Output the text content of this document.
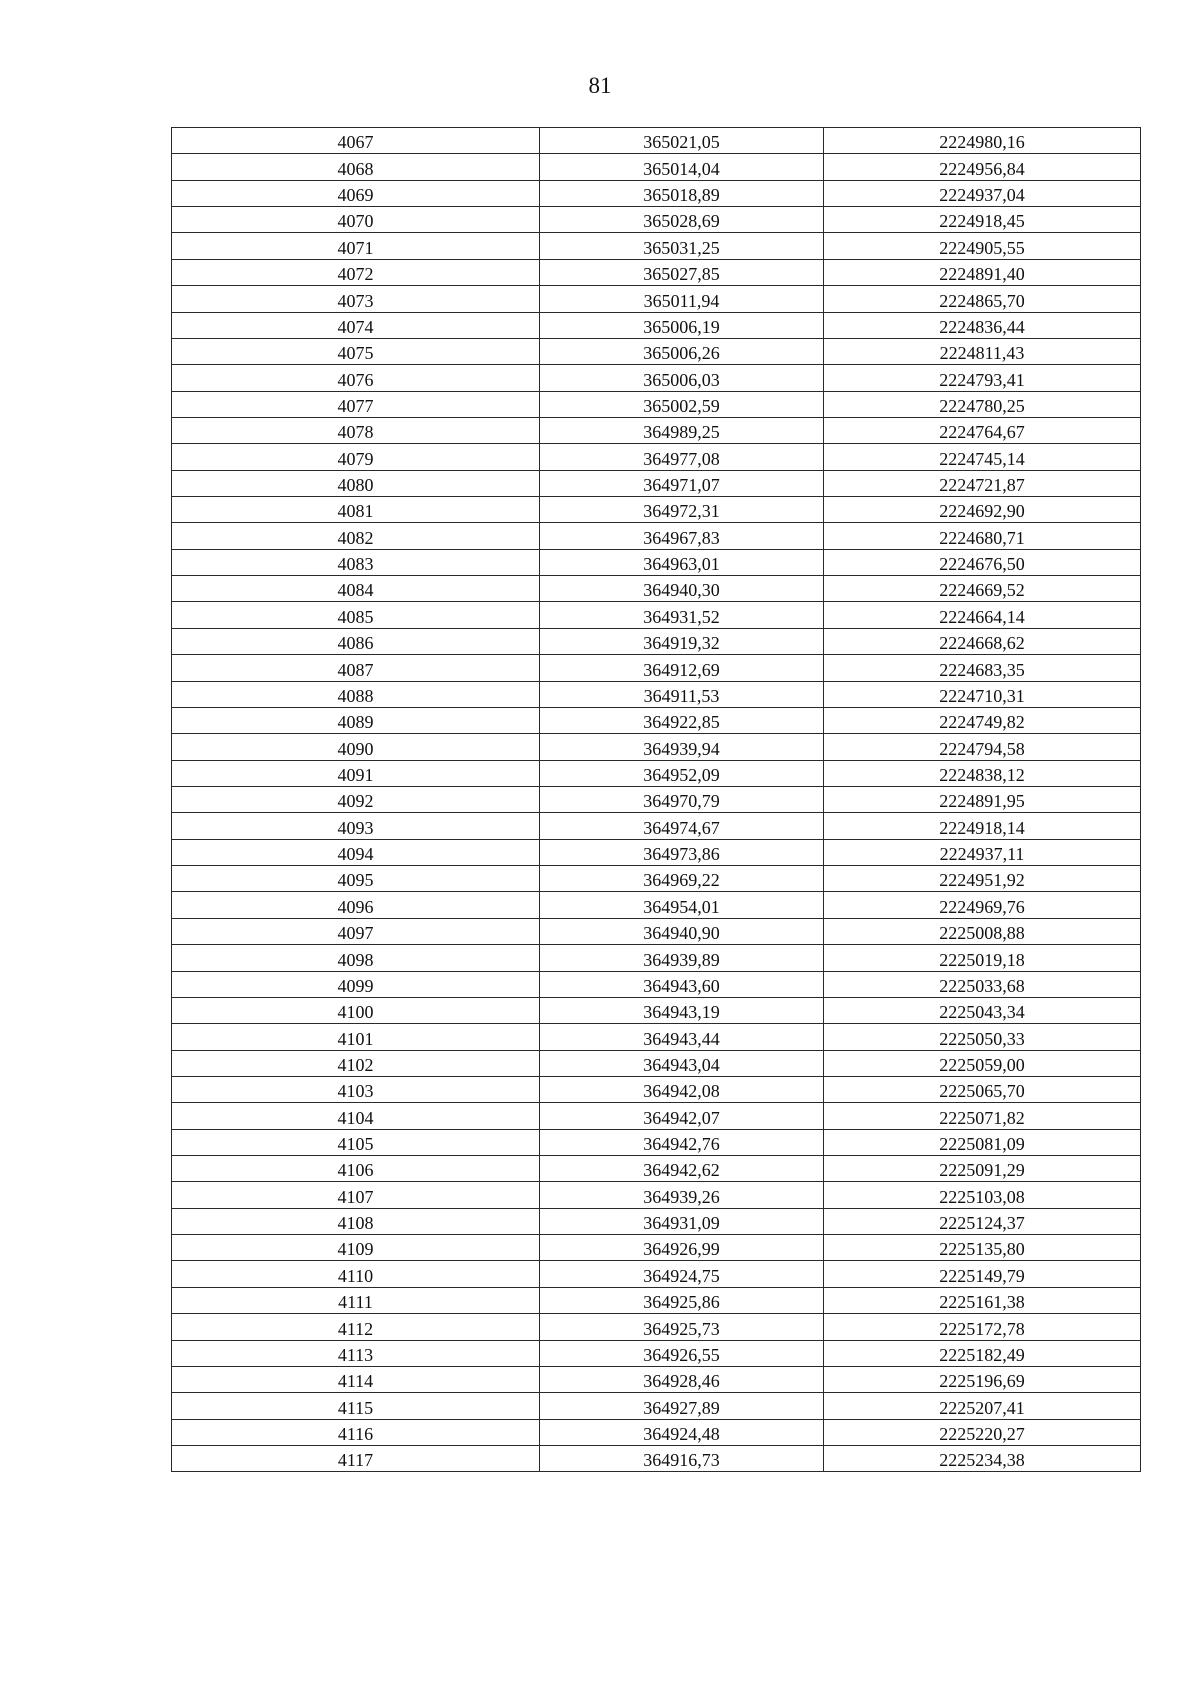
81
4067	365021,05	2224980,16
4068	365014,04	2224956,84
4069	365018,89	2224937,04
4070	365028,69	2224918,45
4071	365031,25	2224905,55
4072	365027,85	2224891,40
4073	365011,94	2224865,70
4074	365006,19	2224836,44
4075	365006,26	2224811,43
4076	365006,03	2224793,41
4077	365002,59	2224780,25
4078	364989,25	2224764,67
4079	364977,08	2224745,14
4080	364971,07	2224721,87
4081	364972,31	2224692,90
4082	364967,83	2224680,71
4083	364963,01	2224676,50
4084	364940,30	2224669,52
4085	364931,52	2224664,14
4086	364919,32	2224668,62
4087	364912,69	2224683,35
4088	364911,53	2224710,31
4089	364922,85	2224749,82
4090	364939,94	2224794,58
4091	364952,09	2224838,12
4092	364970,79	2224891,95
4093	364974,67	2224918,14
4094	364973,86	2224937,11
4095	364969,22	2224951,92
4096	364954,01	2224969,76
4097	364940,90	2225008,88
4098	364939,89	2225019,18
4099	364943,60	2225033,68
4100	364943,19	2225043,34
4101	364943,44	2225050,33
4102	364943,04	2225059,00
4103	364942,08	2225065,70
4104	364942,07	2225071,82
4105	364942,76	2225081,09
4106	364942,62	2225091,29
4107	364939,26	2225103,08
4108	364931,09	2225124,37
4109	364926,99	2225135,80
4110	364924,75	2225149,79
4111	364925,86	2225161,38
4112	364925,73	2225172,78
4113	364926,55	2225182,49
4114	364928,46	2225196,69
4115	364927,89	2225207,41
4116	364924,48	2225220,27
4117	364916,73	2225234,38
